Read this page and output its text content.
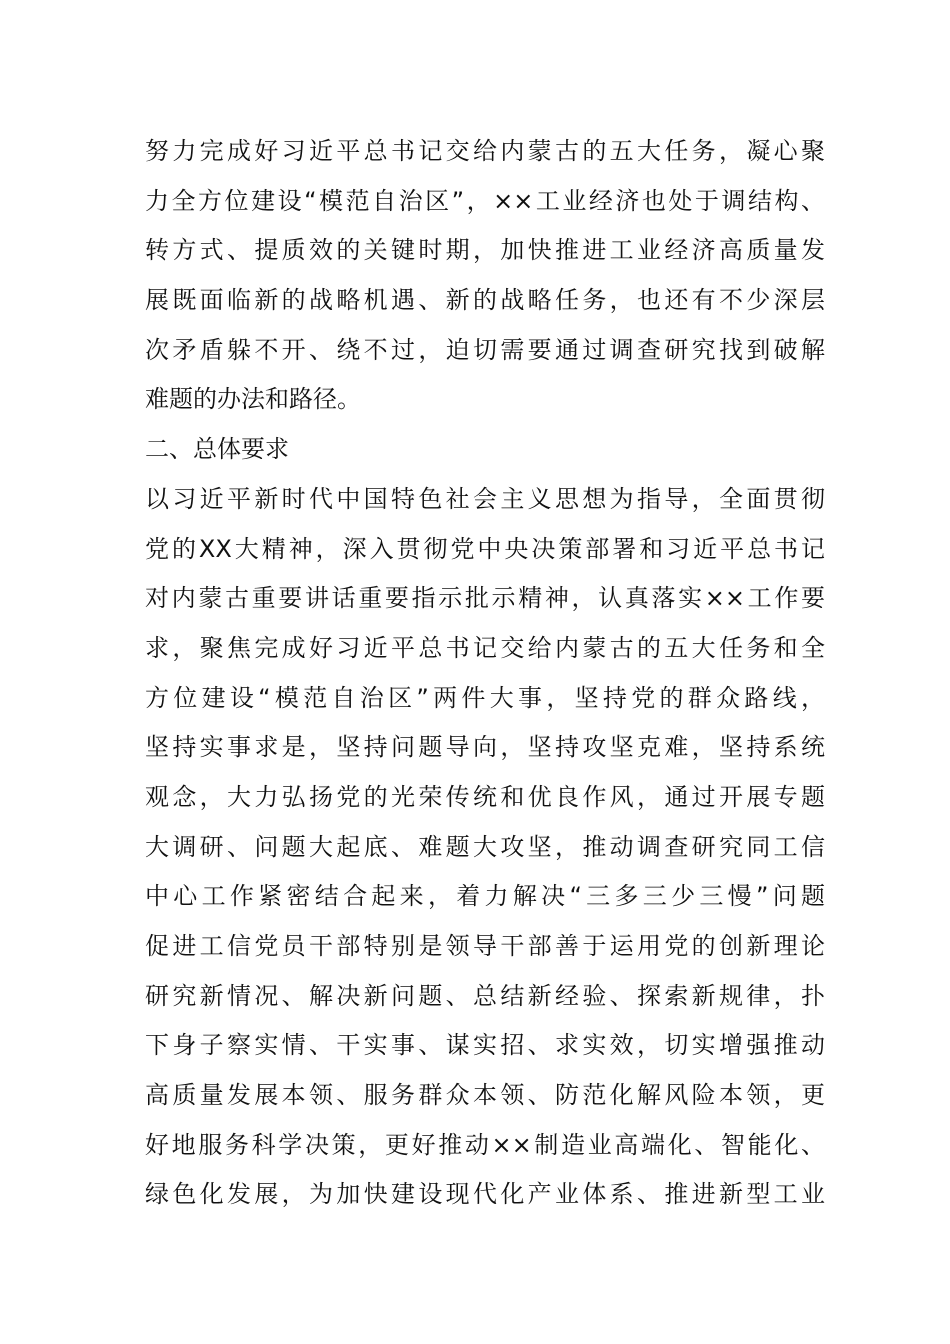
努力完成好习近平总书记交给内蒙古的五大任务，凝心聚
力全方位建设“模范自治区”，××工业经济也处于调结构、
转方式、提质效的关键时期，加快推进工业经济高质量发
展既面临新的战略机遇、新的战略任务，也还有不少深层
次矛盾躲不开、绕不过，迫切需要通过调查研究找到破解
难题的办法和路径。
二、总体要求
以习近平新时代中国特色社会主义思想为指导，全面贯彻
党的XX大精神，深入贯彻党中央决策部署和习近平总书记
对内蒙古重要讲话重要指示批示精神，认真落实××工作要
求，聚焦完成好习近平总书记交给内蒙古的五大任务和全
方位建设“模范自治区”两件大事，坚持党的群众路线，
坚持实事求是，坚持问题导向，坚持攻坚克难，坚持系统
观念，大力弘扬党的光荣传统和优良作风，通过开展专题
大调研、问题大起底、难题大攻坚，推动调查研究同工信
中心工作紧密结合起来，着力解决“三多三少三慢”问题
促进工信党员干部特别是领导干部善于运用党的创新理论
研究新情况、解决新问题、总结新经验、探索新规律，扑
下身子察实情、干实事、谋实招、求实效，切实增强推动
高质量发展本领、服务群众本领、防范化解风险本领，更
好地服务科学决策，更好推动××制造业高端化、智能化、
绿色化发展，为加快建设现代化产业体系、推进新型工业
